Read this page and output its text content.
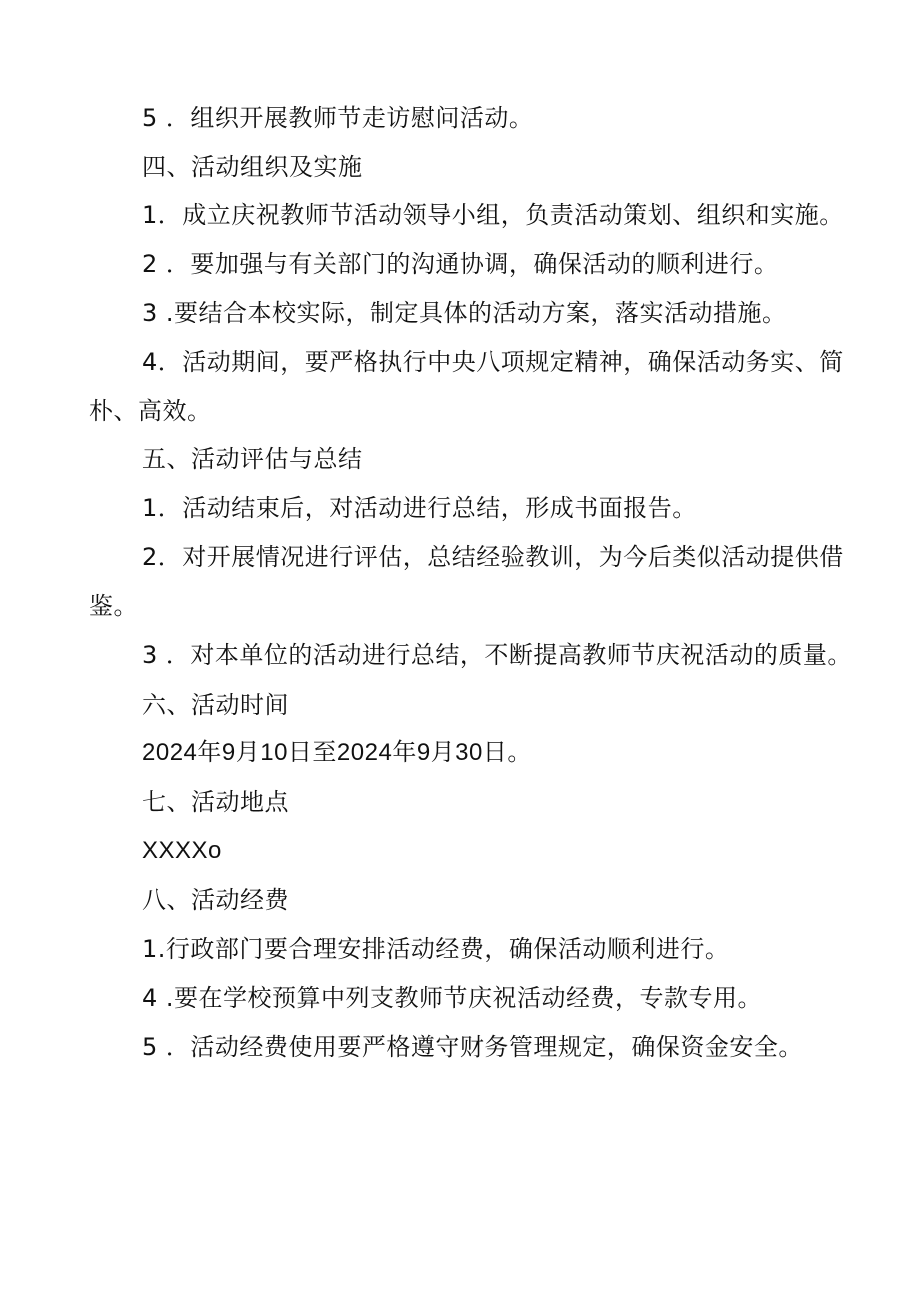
5 ．组织开展教师节走访慰问活动。
四、活动组织及实施
1．成立庆祝教师节活动领导小组，负责活动策划、组织和实施。
2 ．要加强与有关部门的沟通协调，确保活动的顺利进行。
3 .要结合本校实际，制定具体的活动方案，落实活动措施。
4．活动期间，要严格执行中央八项规定精神，确保活动务实、简
朴、高效。
五、活动评估与总结
1．活动结束后，对活动进行总结，形成书面报告。
2．对开展情况进行评估，总结经验教训，为今后类似活动提供借
鉴。
3 ．对本单位的活动进行总结，不断提高教师节庆祝活动的质量。
六、活动时间
2024年9月10日至2024年9月30日。
七、活动地点
XXXXo
八、活动经费
1.行政部门要合理安排活动经费，确保活动顺利进行。
4 .要在学校预算中列支教师节庆祝活动经费，专款专用。
5 ．活动经费使用要严格遵守财务管理规定，确保资金安全。
